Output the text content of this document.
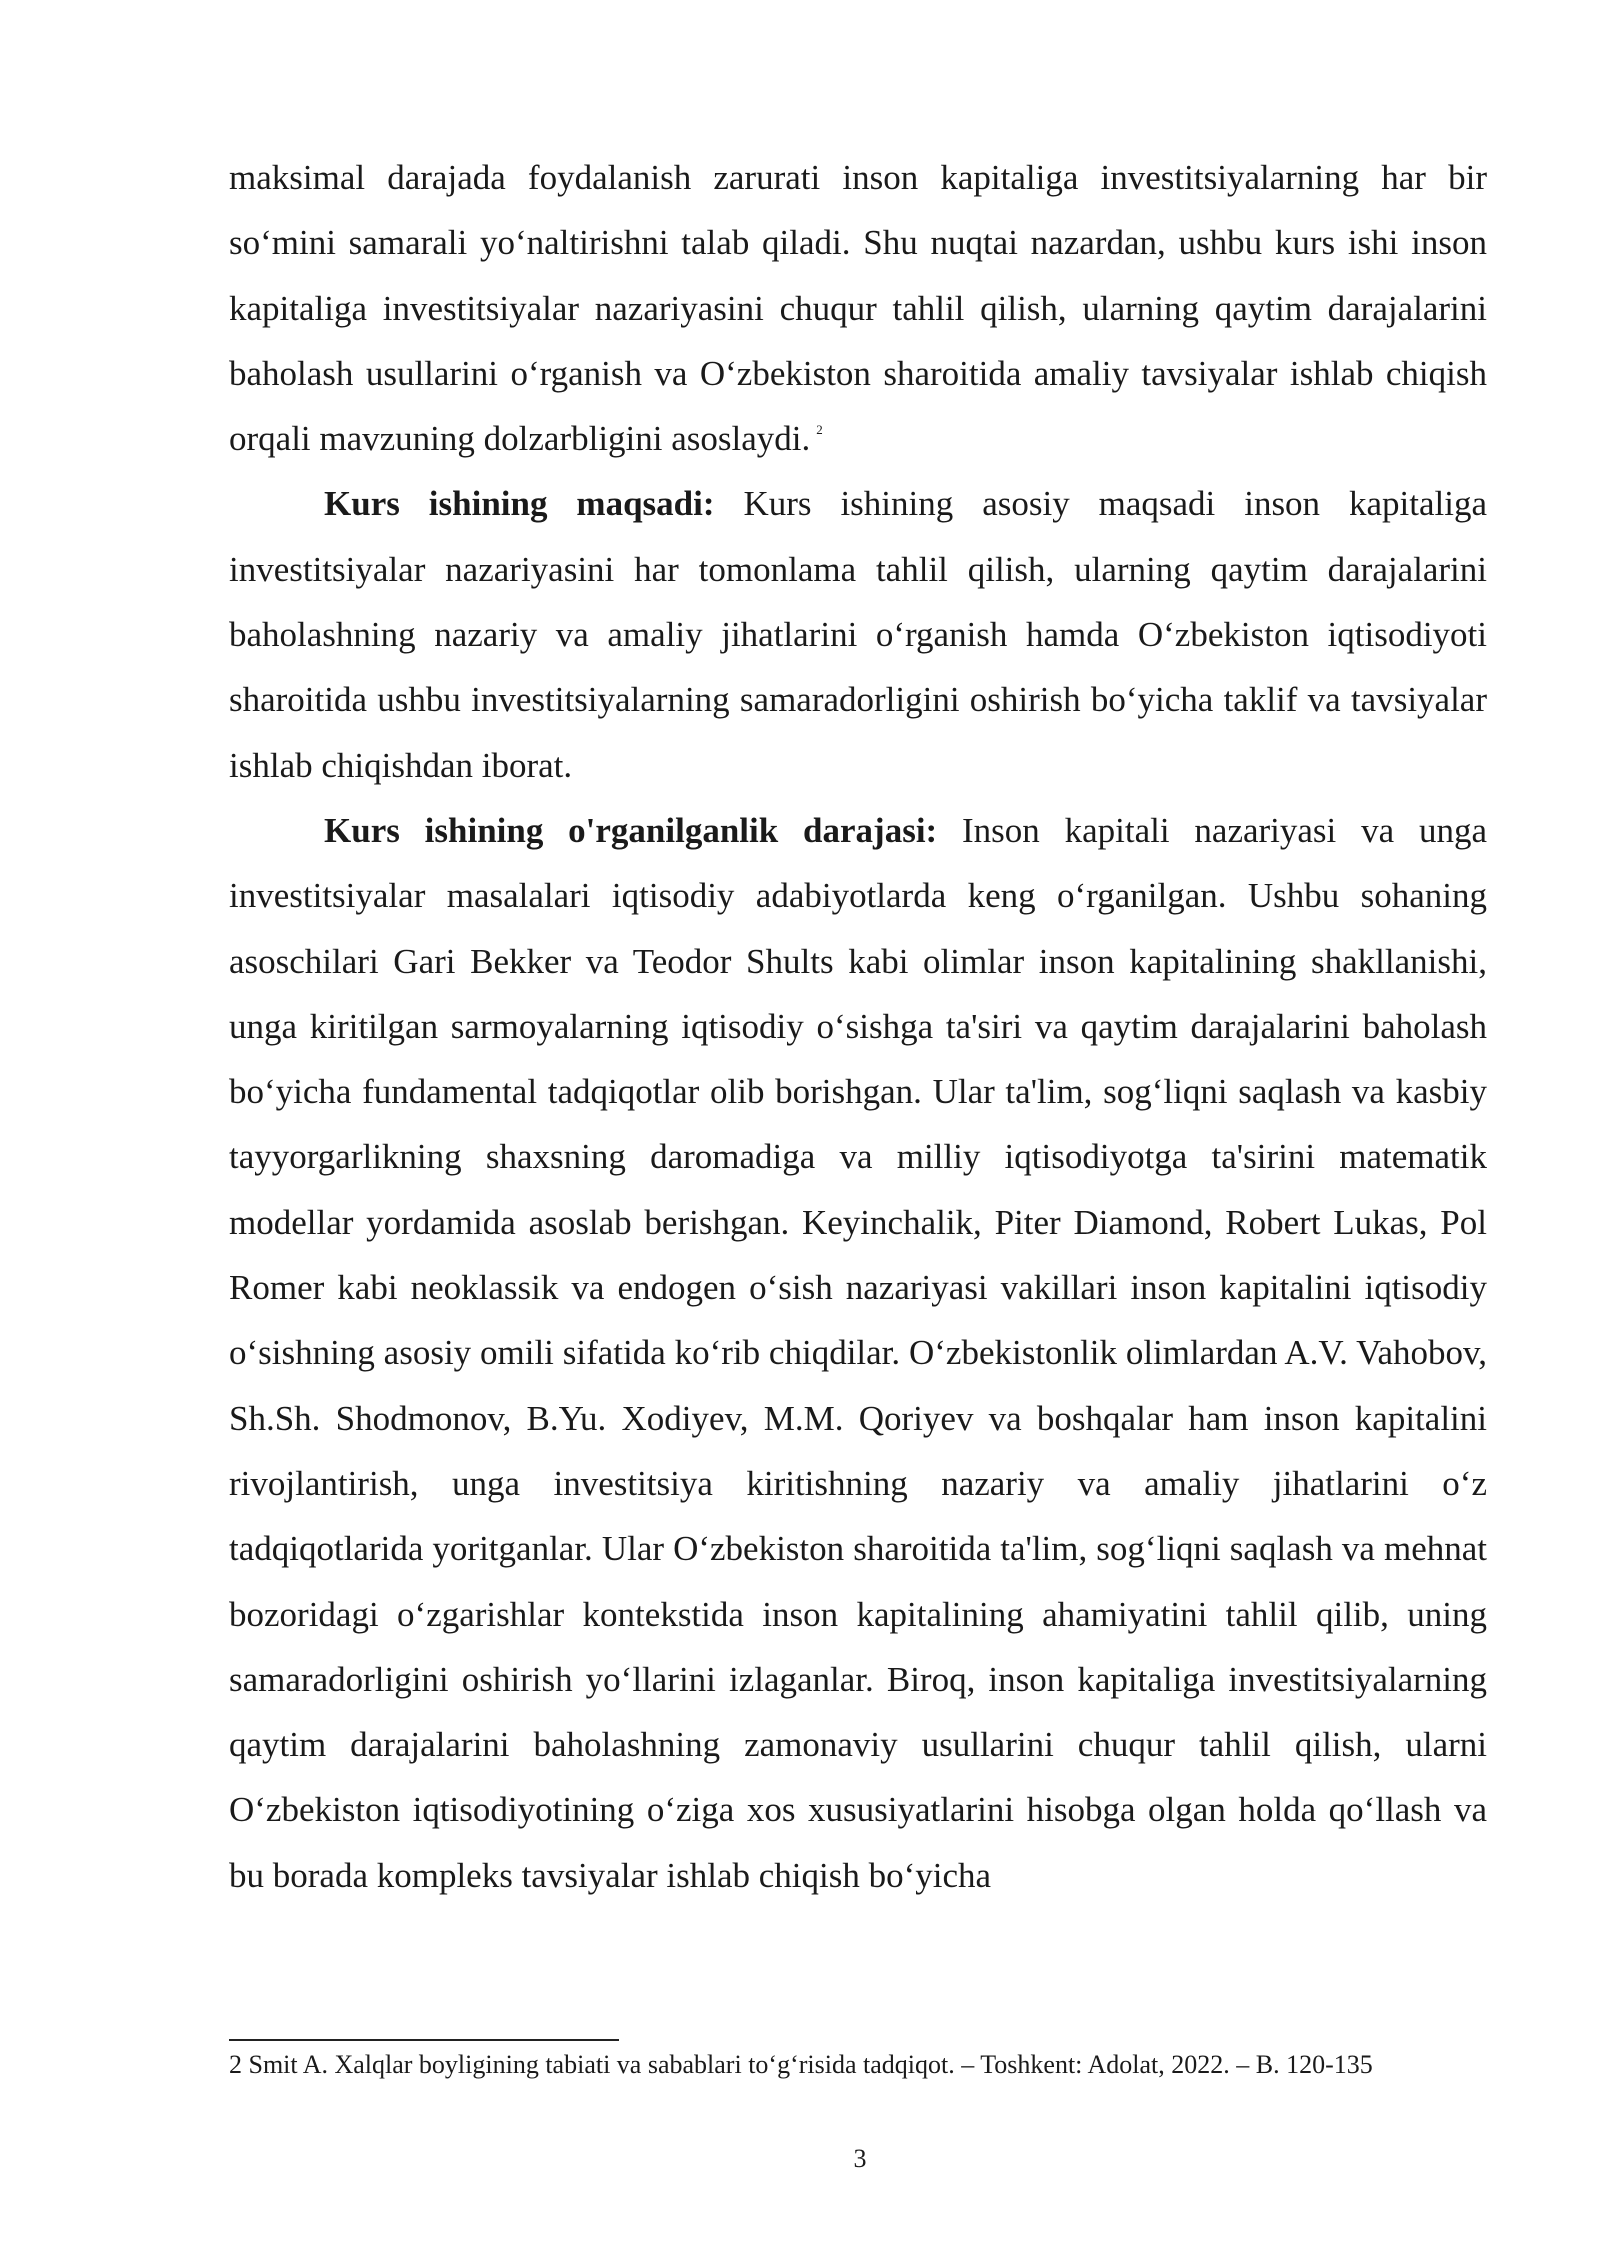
maksimal darajada foydalanish zarurati inson kapitaliga investitsiyalarning har bir so‘mini samarali yo‘naltirishni talab qiladi. Shu nuqtai nazardan, ushbu kurs ishi inson kapitaliga investitsiyalar nazariyasini chuqur tahlil qilish, ularning qaytim darajalarini baholash usullarini o‘rganish va O‘zbekiston sharoitida amaliy tavsiyalar ishlab chiqish orqali mavzuning dolzarbligini asoslaydi. $^2$

Kurs ishining maqsadi: Kurs ishining asosiy maqsadi inson kapitaliga investitsiyalar nazariyasini har tomonlama tahlil qilish, ularning qaytim darajalarini baholashning nazariy va amaliy jihatlarini o‘rganish hamda O‘zbekiston iqtisodiyoti sharoitida ushbu investitsiyalarning samaradorligini oshirish bo‘yicha taklif va tavsiyalar ishlab chiqishdan iborat.

Kurs ishining o'rganilganlik darajasi: Inson kapitali nazariyasi va unga investitsiyalar masalalari iqtisodiy adabiyotlarda keng o‘rganilgan. Ushbu sohaning asoschilari Gari Bekker va Teodor Shults kabi olimlar inson kapitalining shakllanishi, unga kiritilgan sarmoyalarning iqtisodiy o‘sishga ta'siri va qaytim darajalarini baholash bo‘yicha fundamental tadqiqotlar olib borishgan. Ular ta'lim, sog‘liqni saqlash va kasbiy tayyorgarlikning shaxsning daromadiga va milliy iqtisodiyotga ta'sirini matematik modellar yordamida asoslab berishgan. Keyinchalik, Piter Diamond, Robert Lukas, Pol Romer kabi neoklassik va endogen o‘sish nazariyasi vakillari inson kapitalini iqtisodiy o‘sishning asosiy omili sifatida ko‘rib chiqdilar. O‘zbekistonlik olimlardan A.V. Vahobov, Sh.Sh. Shodmonov, B.Yu. Xodiyev, M.M. Qoriyev va boshqalar ham inson kapitalini rivojlantirish, unga investitsiya kiritishning nazariy va amaliy jihatlarini o‘z tadqiqotlarida yoritganlar. Ular O‘zbekiston sharoitida ta'lim, sog‘liqni saqlash va mehnat bozoridagi o‘zgarishlar kontekstida inson kapitalining ahamiyatini tahlil qilib, uning samaradorligini oshirish yo‘llarini izlaganlar. Biroq, inson kapitaliga investitsiyalarning qaytim darajalarini baholashning zamonaviy usullarini chuqur tahlil qilish, ularni O‘zbekiston iqtisodiyotining o‘ziga xos xususiyatlarini hisobga olgan holda qo‘llash va bu borada kompleks tavsiyalar ishlab chiqish bo‘yicha

2 Smit A. Xalqlar boyligining tabiati va sabablari to‘g‘risida tadqiqot. – Toshkent: Adolat, 2022. – B. 120-135

3
